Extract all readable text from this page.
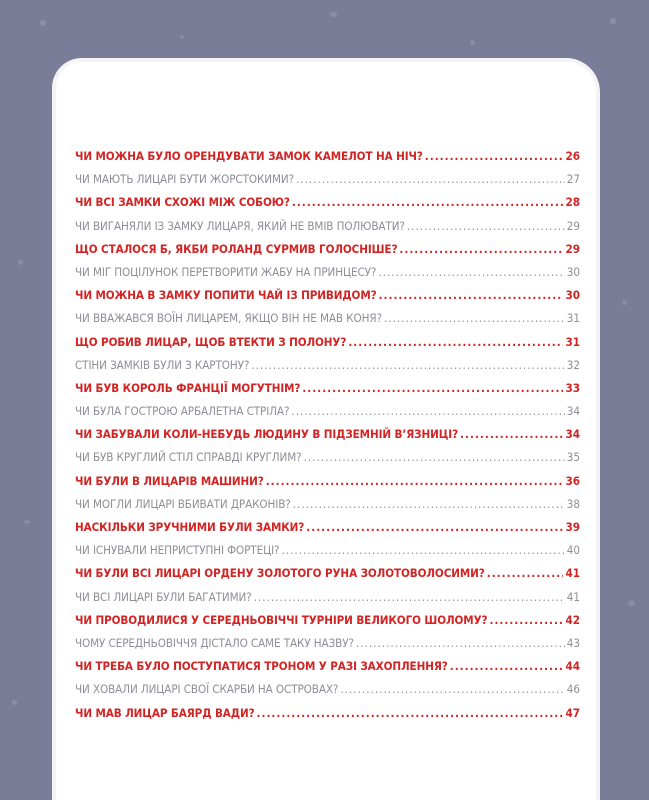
ЧИ МОЖНА БУЛО ОРЕНДУВАТИ ЗАМОК КАМЕЛОТ НА НІЧ? .....	26
ЧИ МАЮТЬ ЛИЦАРІ БУТИ ЖОРСТОКИМИ? .....	27
ЧИ ВСІ ЗАМКИ СХОЖІ МІЖ СОБОЮ? .....	28
ЧИ ВИГАНЯЛИ ІЗ ЗАМКУ ЛИЦАРЯ, ЯКИЙ НЕ ВМІВ ПОЛЮВАТИ? .....	29
ЩО СТАЛОСЯ Б, ЯКБИ РОЛАНД СУРМИВ ГОЛОСНІШЕ? .....	29
ЧИ МІГ ПОЦІЛУНОК ПЕРЕТВОРИТИ ЖАБУ НА ПРИНЦЕСУ? .....	30
ЧИ МОЖНА В ЗАМКУ ПОПИТИ ЧАЙ ІЗ ПРИВИДОМ? .....	30
ЧИ ВВАЖАВСЯ ВОЇН ЛИЦАРЕМ, ЯКЩО ВІН НЕ МАВ КОНЯ? .....	31
ЩО РОБИВ ЛИЦАР, ЩОБ ВТЕКТИ З ПОЛОНУ? .....	31
СТІНИ ЗАМКІВ БУЛИ З КАРТОНУ? .....	32
ЧИ БУВ КОРОЛЬ ФРАНЦІЇ МОГУТНІМ? .....	33
ЧИ БУЛА ГОСТРОЮ АРБАЛЕТНА СТРІЛА? .....	34
ЧИ ЗАБУВАЛИ КОЛИ-НЕБУДЬ ЛЮДИНУ В ПІДЗЕМНІЙ В’ЯЗНИЦІ? .....	34
ЧИ БУВ КРУГЛИЙ СТІЛ СПРАВДІ КРУГЛИМ? .....	35
ЧИ БУЛИ В ЛИЦАРІВ МАШИНИ? .....	36
ЧИ МОГЛИ ЛИЦАРІ ВБИВАТИ ДРАКОНІВ? .....	38
НАСКІЛЬКИ ЗРУЧНИМИ БУЛИ ЗАМКИ? .....	39
ЧИ ІСНУВАЛИ НЕПРИСТУПНІ ФОРТЕЦІ? .....	40
ЧИ БУЛИ ВСІ ЛИЦАРІ ОРДЕНУ ЗОЛОТОГО РУНА ЗОЛОТОВОЛОСИМИ? .....	41
ЧИ ВСІ ЛИЦАРІ БУЛИ БАГАТИМИ? .....	41
ЧИ ПРОВОДИЛИСЯ У СЕРЕДНЬОВІЧЧІ ТУРНІРИ ВЕЛИКОГО ШОЛОМУ? .....	42
ЧОМУ СЕРЕДНЬОВІЧЧЯ ДІСТАЛО САМЕ ТАКУ НАЗВУ? .....	43
ЧИ ТРЕБА БУЛО ПОСТУПАТИСЯ ТРОНОМ У РАЗІ ЗАХОПЛЕННЯ? .....	44
ЧИ ХОВАЛИ ЛИЦАРІ СВОЇ СКАРБИ НА ОСТРОВАХ? .....	46
ЧИ МАВ ЛИЦАР БАЯРД ВАДИ? .....	47
